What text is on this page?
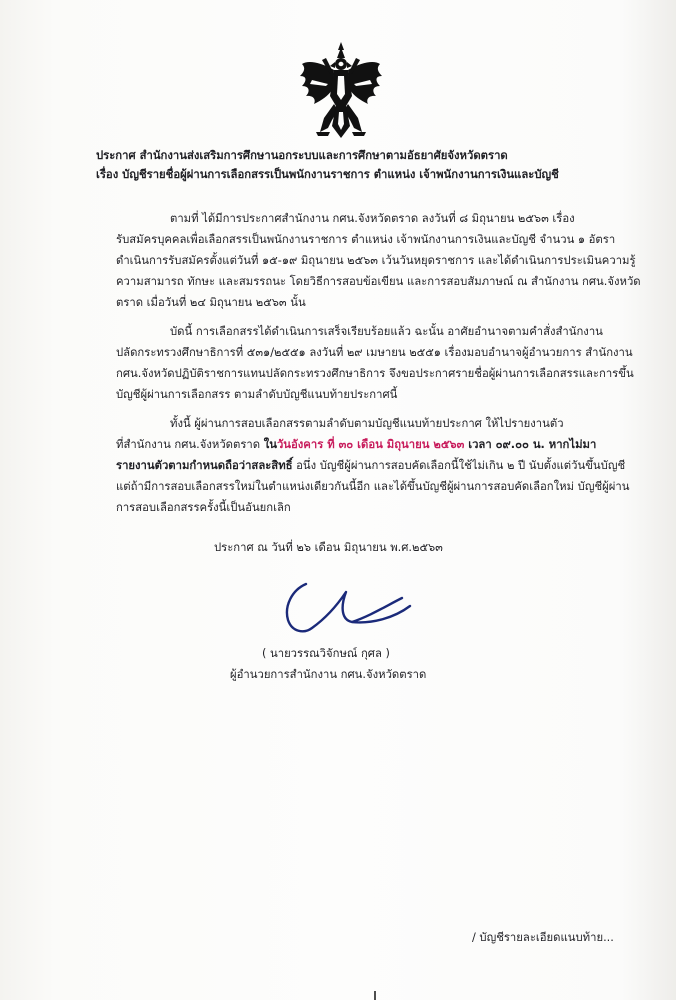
ประกาศ สำนักงานส่งเสริมการศึกษานอกระบบและการศึกษาตามอัธยาศัยจังหวัดตราด
เรื่อง บัญชีรายชื่อผู้ผ่านการเลือกสรรเป็นพนักงานราชการ ตำแหน่ง เจ้าพนักงานการเงินและบัญชี
ตามที่ ได้มีการประกาศสำนักงาน กศน.จังหวัดตราด ลงวันที่ ๘ มิถุนายน ๒๕๖๓ เรื่อง
รับสมัครบุคคลเพื่อเลือกสรรเป็นพนักงานราชการ ตำแหน่ง เจ้าพนักงานการเงินและบัญชี จำนวน ๑ อัตรา
ดำเนินการรับสมัครตั้งแต่วันที่ ๑๕-๑๙ มิถุนายน ๒๕๖๓ เว้นวันหยุดราชการ และได้ดำเนินการประเมินความรู้
ความสามารถ ทักษะ และสมรรถนะ โดยวิธีการสอบข้อเขียน และการสอบสัมภาษณ์ ณ สำนักงาน กศน.จังหวัด
ตราด เมื่อวันที่ ๒๔ มิถุนายน ๒๕๖๓ นั้น
บัดนี้ การเลือกสรรได้ดำเนินการเสร็จเรียบร้อยแล้ว ฉะนั้น อาศัยอำนาจตามคำสั่งสำนักงาน
ปลัดกระทรวงศึกษาธิการที่ ๕๓๑/๒๕๕๑ ลงวันที่ ๒๙ เมษายน ๒๕๕๑ เรื่องมอบอำนาจผู้อำนวยการ สำนักงาน
กศน.จังหวัดปฏิบัติราชการแทนปลัดกระทรวงศึกษาธิการ จึงขอประกาศรายชื่อผู้ผ่านการเลือกสรรและการขึ้น
บัญชีผู้ผ่านการเลือกสรร ตามลำดับบัญชีแนบท้ายประกาศนี้
ทั้งนี้ ผู้ผ่านการสอบเลือกสรรตามลำดับตามบัญชีแนบท้ายประกาศ ให้ไปรายงานตัว
ที่สำนักงาน กศน.จังหวัดตราด ในวันอังคาร ที่ ๓๐ เดือน มิถุนายน ๒๕๖๓ เวลา ๐๙.๐๐ น. หากไม่มา
รายงานตัวตามกำหนดถือว่าสละสิทธิ์ อนึ่ง บัญชีผู้ผ่านการสอบคัดเลือกนี้ใช้ไม่เกิน ๒ ปี นับตั้งแต่วันขึ้นบัญชี
แต่ถ้ามีการสอบเลือกสรรใหม่ในตำแหน่งเดียวกันนี้อีก และได้ขึ้นบัญชีผู้ผ่านการสอบคัดเลือกใหม่ บัญชีผู้ผ่าน
การสอบเลือกสรรครั้งนี้เป็นอันยกเลิก
ประกาศ ณ วันที่ ๒๖ เดือน มิถุนายน พ.ศ.๒๕๖๓
( นายวรรณวิจักษณ์ กุศล )
ผู้อำนวยการสำนักงาน กศน.จังหวัดตราด
/ บัญชีรายละเอียดแนบท้าย...
